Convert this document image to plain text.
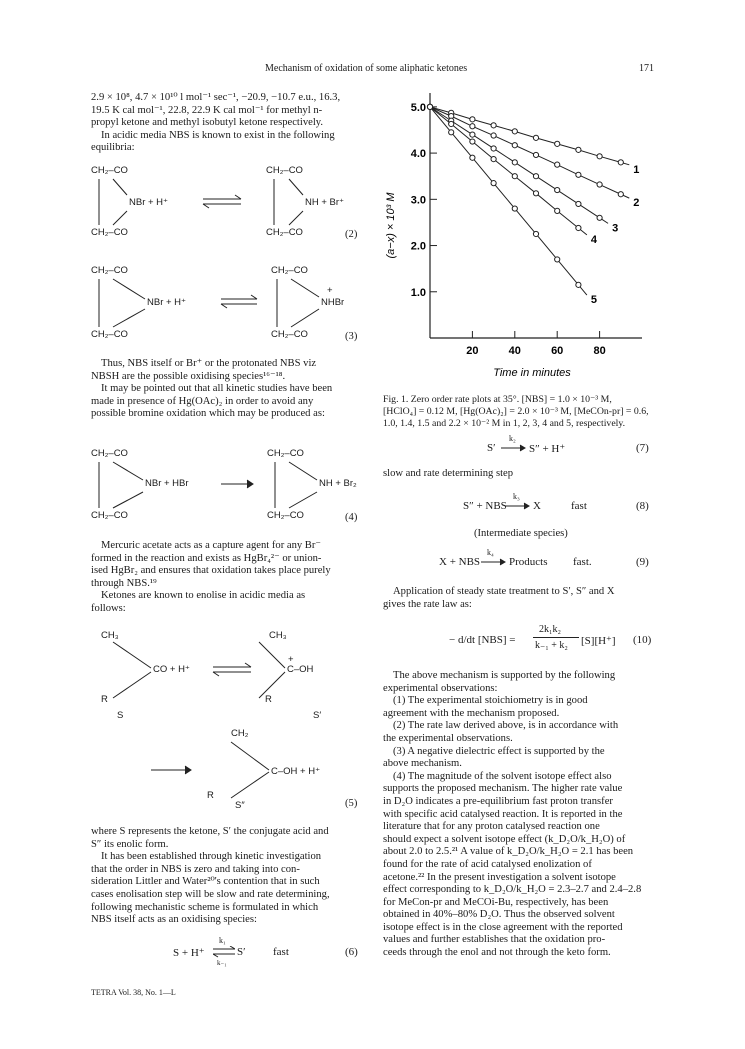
Mechanism of oxidation of some aliphatic ketones	171
2.9 × 10⁸, 4.7 × 10¹⁰ l mol⁻¹ sec⁻¹, −20.9, −10.7 e.u., 16.3,
19.5 K cal mol⁻¹, 22.8, 22.9 K cal mol⁻¹ for methyl n-
propyl ketone and methyl isobutyl ketone respectively.
In acidic media NBS is known to exist in the following
equilibria:
CH₂–CO
CH₂–CO
NBr + H⁺
CH₂–CO
CH₂–CO
NH + Br⁺
(2)
CH₂–CO
CH₂–CO
NBr + H⁺
CH₂–CO
CH₂–CO
NHBr
+
(3)
Thus, NBS itself or Br⁺ or the protonated NBS viz
NBSH are the possible oxidising species¹⁶⁻¹⁸.
It may be pointed out that all kinetic studies have been
made in presence of Hg(OAc)₂ in order to avoid any
possible bromine oxidation which may be produced as:
CH₂–CO
CH₂–CO
NBr + HBr
CH₂–CO
CH₂–CO
NH + Br₂
(4)
Mercuric acetate acts as a capture agent for any Br⁻
formed in the reaction and exists as HgBr₄²⁻ or union-
ised HgBr₂ and ensures that oxidation takes place purely
through NBS.¹⁹
Ketones are known to enolise in acidic media as
follows:
CH₃
R
CO + H⁺
S
CH₃
R
C–OH
+
S′
CH₂
R
C–OH + H⁺
S″	(5)
where S represents the ketone, S′ the conjugate acid and
S″ its enolic form.
It has been established through kinetic investigation
that the order in NBS is zero and taking into con-
sideration Littler and Water²⁰'s contention that in such
cases enolisation step will be slow and rate determining,
following mechanistic scheme is formulated in which
NBS itself acts as an oxidising species:
S + H⁺
k₁
k₋₁
S′ fast	(6)
TETRA Vol. 38, No. 1—L
1.0
2.0
3.0
4.0
5.0
20	40	60	80
1
2
3
4
5
(a−x) × 10³ M
Time in minutes
Fig. 1. Zero order rate plots at 35°. [NBS] = 1.0 × 10⁻³ M,
[HClO₄] = 0.12 M, [Hg(OAc)₂] = 2.0 × 10⁻³ M, [MeCOn-pr] = 0.6,
1.0, 1.4, 1.5 and 2.2 × 10⁻² M in 1, 2, 3, 4 and 5, respectively.
S′
k₂
→ S″ + H⁺	(7)
slow and rate determining step
S″ + NBS
k₃
→ X	fast	(8)
(Intermediate species)
X + NBS
k₄
→ Products fast.	(9)
Application of steady state treatment to S′, S″ and X
gives the rate law as:
− d/dt [NBS] =
2k₁k₂
k₋₁ + k₂ [S][H⁺] (10)
The above mechanism is supported by the following
experimental observations:
(1) The experimental stoichiometry is in good
agreement with the mechanism proposed.
(2) The rate law derived above, is in accordance with
the experimental observations.
(3) A negative dielectric effect is supported by the
above mechanism.
(4) The magnitude of the solvent isotope effect also
supports the proposed mechanism. The higher rate value
in D₂O indicates a pre-equilibrium fast proton transfer
with specific acid catalysed reaction. It is reported in the
literature that for any proton catalysed reaction one
should expect a solvent isotope effect (k_D₂O/k_H₂O) of
about 2.0 to 2.5.²¹ A value of k_D₂O/k_H₂O = 2.1 has been
found for the rate of acid catalysed enolization of
acetone.²² In the present investigation a solvent isotope
effect corresponding to k_D₂O/k_H₂O = 2.3–2.7 and 2.4–2.8
for MeCon-pr and MeCOi-Bu, respectively, has been
obtained in 40%–80% D₂O. Thus the observed solvent
isotope effect is in the close agreement with the reported
values and further establishes that the oxidation pro-
ceeds through the enol and not through the keto form.
